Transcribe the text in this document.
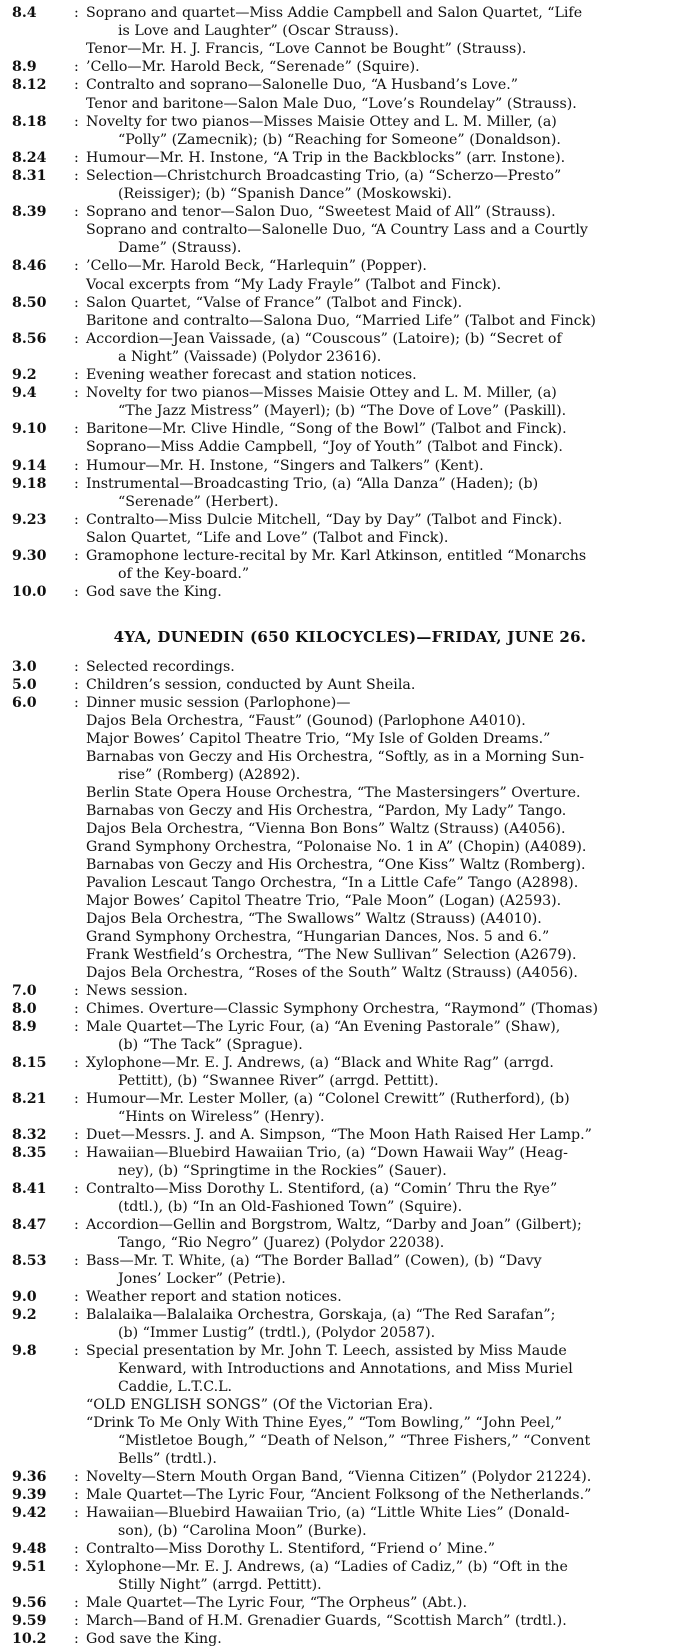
8.4	: Soprano and quartet—Miss Addie Campbell and Salon Quartet, “Life
is Love and Laughter” (Oscar Strauss).
Tenor—Mr. H. J. Francis, “Love Cannot be Bought” (Strauss).
8.9	: ’Cello—Mr. Harold Beck, “Serenade” (Squire).
8.12	: Contralto and soprano—Salonelle Duo, “A Husband’s Love.”
Tenor and baritone—Salon Male Duo, “Love’s Roundelay” (Strauss).
8.18	: Novelty for two pianos—Misses Maisie Ottey and L. M. Miller, (a)
“Polly” (Zamecnik); (b) “Reaching for Someone” (Donaldson).
8.24	: Humour—Mr. H. Instone, “A Trip in the Backblocks” (arr. Instone).
8.31	: Selection—Christchurch Broadcasting Trio, (a) “Scherzo—Presto”
(Reissiger); (b) “Spanish Dance” (Moskowski).
8.39	: Soprano and tenor—Salon Duo, “Sweetest Maid of All” (Strauss).
Soprano and contralto—Salonelle Duo, “A Country Lass and a Courtly
Dame” (Strauss).
8.46	: ’Cello—Mr. Harold Beck, “Harlequin” (Popper).
Vocal excerpts from “My Lady Frayle” (Talbot and Finck).
8.50	: Salon Quartet, “Valse of France” (Talbot and Finck).
Baritone and contralto—Salona Duo, “Married Life” (Talbot and Finck)
8.56	: Accordion—Jean Vaissade, (a) “Couscous” (Latoire); (b) “Secret of
a Night” (Vaissade) (Polydor 23616).
9.2	: Evening weather forecast and station notices.
9.4	: Novelty for two pianos—Misses Maisie Ottey and L. M. Miller, (a)
“The Jazz Mistress” (Mayerl); (b) “The Dove of Love” (Paskill).
9.10	: Baritone—Mr. Clive Hindle, “Song of the Bowl” (Talbot and Finck).
Soprano—Miss Addie Campbell, “Joy of Youth” (Talbot and Finck).
9.14	: Humour—Mr. H. Instone, “Singers and Talkers” (Kent).
9.18	: Instrumental—Broadcasting Trio, (a) “Alla Danza” (Haden); (b)
“Serenade” (Herbert).
9.23	: Contralto—Miss Dulcie Mitchell, “Day by Day” (Talbot and Finck).
Salon Quartet, “Life and Love” (Talbot and Finck).
9.30	: Gramophone lecture-recital by Mr. Karl Atkinson, entitled “Monarchs
of the Key-board.”
10.0	: God save the King.
4YA, DUNEDIN (650 KILOCYCLES)—FRIDAY, JUNE 26.
3.0	: Selected recordings.
5.0	: Children’s session, conducted by Aunt Sheila.
6.0	: Dinner music session (Parlophone)—
Dajos Bela Orchestra, “Faust” (Gounod) (Parlophone A4010).
Major Bowes’ Capitol Theatre Trio, “My Isle of Golden Dreams.”
Barnabas von Geczy and His Orchestra, “Softly, as in a Morning Sun-
rise” (Romberg) (A2892).
Berlin State Opera House Orchestra, “The Mastersingers” Overture.
Barnabas von Geczy and His Orchestra, “Pardon, My Lady” Tango.
Dajos Bela Orchestra, “Vienna Bon Bons” Waltz (Strauss) (A4056).
Grand Symphony Orchestra, “Polonaise No. 1 in A” (Chopin) (A4089).
Barnabas von Geczy and His Orchestra, “One Kiss” Waltz (Romberg).
Pavalion Lescaut Tango Orchestra, “In a Little Cafe” Tango (A2898).
Major Bowes’ Capitol Theatre Trio, “Pale Moon” (Logan) (A2593).
Dajos Bela Orchestra, “The Swallows” Waltz (Strauss) (A4010).
Grand Symphony Orchestra, “Hungarian Dances, Nos. 5 and 6.”
Frank Westfield’s Orchestra, “The New Sullivan” Selection (A2679).
Dajos Bela Orchestra, “Roses of the South” Waltz (Strauss) (A4056).
7.0	: News session.
8.0	: Chimes. Overture—Classic Symphony Orchestra, “Raymond” (Thomas)
8.9	: Male Quartet—The Lyric Four, (a) “An Evening Pastorale” (Shaw),
(b) “The Tack” (Sprague).
8.15	: Xylophone—Mr. E. J. Andrews, (a) “Black and White Rag” (arrgd.
Pettitt), (b) “Swannee River” (arrgd. Pettitt).
8.21	: Humour—Mr. Lester Moller, (a) “Colonel Crewitt” (Rutherford), (b)
“Hints on Wireless” (Henry).
8.32	: Duet—Messrs. J. and A. Simpson, “The Moon Hath Raised Her Lamp.”
8.35	: Hawaiian—Bluebird Hawaiian Trio, (a) “Down Hawaii Way” (Heag-
ney), (b) “Springtime in the Rockies” (Sauer).
8.41	: Contralto—Miss Dorothy L. Stentiford, (a) “Comin’ Thru the Rye”
(tdtl.), (b) “In an Old-Fashioned Town” (Squire).
8.47	: Accordion—Gellin and Borgstrom, Waltz, “Darby and Joan” (Gilbert);
Tango, “Rio Negro” (Juarez) (Polydor 22038).
8.53	: Bass—Mr. T. White, (a) “The Border Ballad” (Cowen), (b) “Davy
Jones’ Locker” (Petrie).
9.0	: Weather report and station notices.
9.2	: Balalaika—Balalaika Orchestra, Gorskaja, (a) “The Red Sarafan”;
(b) “Immer Lustig” (trdtl.), (Polydor 20587).
9.8	: Special presentation by Mr. John T. Leech, assisted by Miss Maude
Kenward, with Introductions and Annotations, and Miss Muriel
Caddie, L.T.C.L.
“OLD ENGLISH SONGS” (Of the Victorian Era).
“Drink To Me Only With Thine Eyes,” “Tom Bowling,” “John Peel,”
“Mistletoe Bough,” “Death of Nelson,” “Three Fishers,” “Convent
Bells” (trdtl.).
9.36	: Novelty—Stern Mouth Organ Band, “Vienna Citizen” (Polydor 21224).
9.39	: Male Quartet—The Lyric Four, “Ancient Folksong of the Netherlands.”
9.42	: Hawaiian—Bluebird Hawaiian Trio, (a) “Little White Lies” (Donald-
son), (b) “Carolina Moon” (Burke).
9.48	: Contralto—Miss Dorothy L. Stentiford, “Friend o’ Mine.”
9.51	: Xylophone—Mr. E. J. Andrews, (a) “Ladies of Cadiz,” (b) “Oft in the
Stilly Night” (arrgd. Pettitt).
9.56	: Male Quartet—The Lyric Four, “The Orpheus” (Abt.).
9.59	: March—Band of H.M. Grenadier Guards, “Scottish March” (trdtl.).
10.2	: God save the King.
